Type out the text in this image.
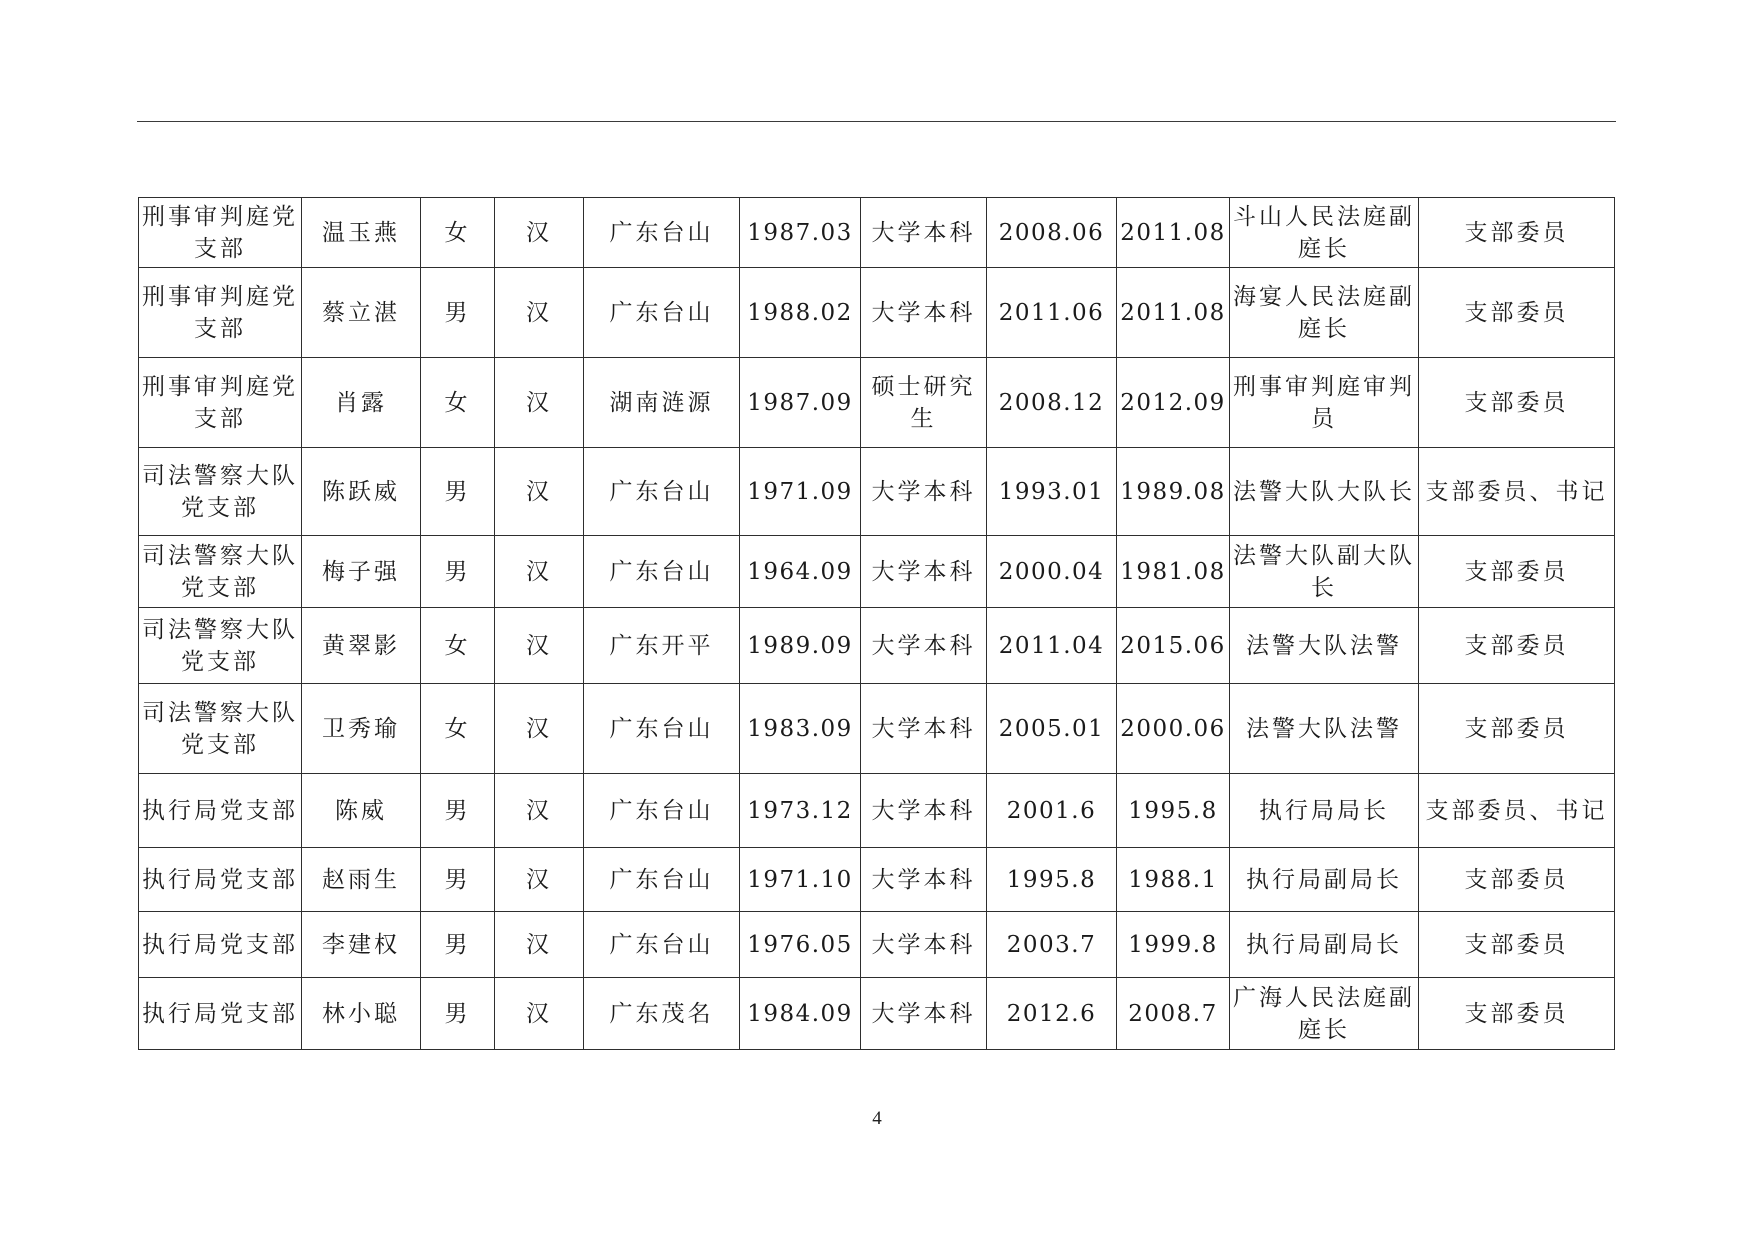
刑事审判庭党支部	温玉燕	女	汉	广东台山	1987.03	大学本科	2008.06	2011.08	斗山人民法庭副庭长	支部委员
刑事审判庭党支部	蔡立湛	男	汉	广东台山	1988.02	大学本科	2011.06	2011.08	海宴人民法庭副庭长	支部委员
刑事审判庭党支部	肖露	女	汉	湖南涟源	1987.09	硕士研究生	2008.12	2012.09	刑事审判庭审判员	支部委员
司法警察大队党支部	陈跃威	男	汉	广东台山	1971.09	大学本科	1993.01	1989.08	法警大队大队长	支部委员、书记
司法警察大队党支部	梅子强	男	汉	广东台山	1964.09	大学本科	2000.04	1981.08	法警大队副大队长	支部委员
司法警察大队党支部	黄翠影	女	汉	广东开平	1989.09	大学本科	2011.04	2015.06	法警大队法警	支部委员
司法警察大队党支部	卫秀瑜	女	汉	广东台山	1983.09	大学本科	2005.01	2000.06	法警大队法警	支部委员
执行局党支部	陈威	男	汉	广东台山	1973.12	大学本科	2001.6	1995.8	执行局局长	支部委员、书记
执行局党支部	赵雨生	男	汉	广东台山	1971.10	大学本科	1995.8	1988.1	执行局副局长	支部委员
执行局党支部	李建权	男	汉	广东台山	1976.05	大学本科	2003.7	1999.8	执行局副局长	支部委员
执行局党支部	林小聪	男	汉	广东茂名	1984.09	大学本科	2012.6	2008.7	广海人民法庭副庭长	支部委员
4
